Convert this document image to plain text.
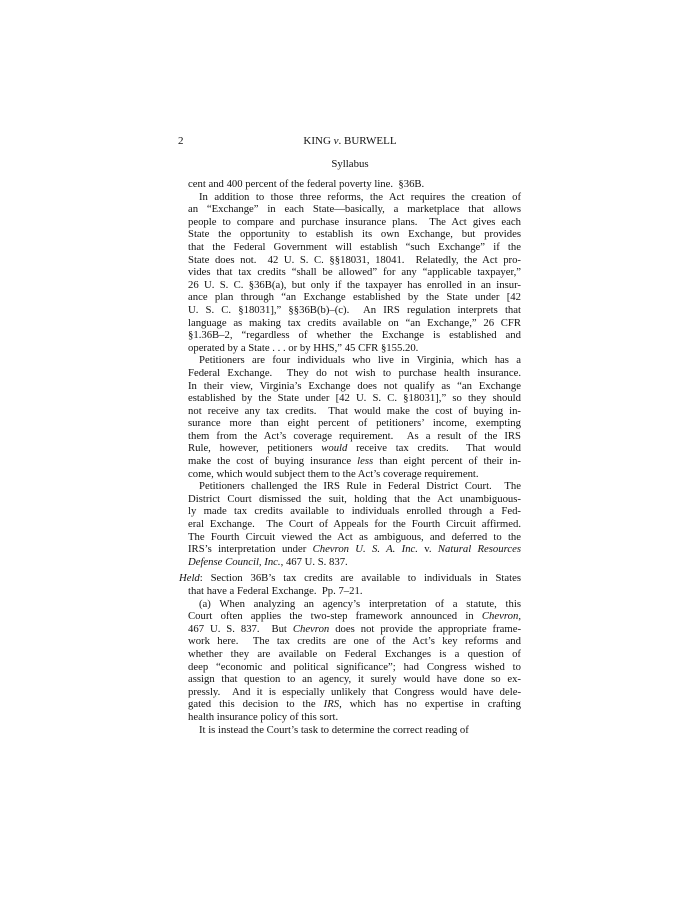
2	KING v. BURWELL
Syllabus
cent and 400 percent of the federal poverty line.  §36B.
In addition to those three reforms, the Act requires the creation of
an “Exchange” in each State—basically, a marketplace that allows
people to compare and purchase insurance plans.  The Act gives each
State the opportunity to establish its own Exchange, but provides
that the Federal Government will establish “such Exchange” if the
State does not.  42 U. S. C. §§18031, 18041.  Relatedly, the Act pro-
vides that tax credits “shall be allowed” for any “applicable taxpayer,”
26 U. S. C. §36B(a), but only if the taxpayer has enrolled in an insur-
ance plan through “an Exchange established by the State under [42
U. S. C. §18031],” §§36B(b)–(c).  An IRS regulation interprets that
language as making tax credits available on “an Exchange,” 26 CFR
§1.36B–2, “regardless of whether the Exchange is established and
operated by a State . . . or by HHS,” 45 CFR §155.20.
Petitioners are four individuals who live in Virginia, which has a
Federal Exchange.  They do not wish to purchase health insurance.
In their view, Virginia’s Exchange does not qualify as “an Exchange
established by the State under [42 U. S. C. §18031],” so they should
not receive any tax credits.  That would make the cost of buying in-
surance more than eight percent of petitioners’ income, exempting
them from the Act’s coverage requirement.  As a result of the IRS
Rule, however, petitioners would receive tax credits.  That would
make the cost of buying insurance less than eight percent of their in-
come, which would subject them to the Act’s coverage requirement.
Petitioners challenged the IRS Rule in Federal District Court.  The
District Court dismissed the suit, holding that the Act unambiguous-
ly made tax credits available to individuals enrolled through a Fed-
eral Exchange.  The Court of Appeals for the Fourth Circuit affirmed.
The Fourth Circuit viewed the Act as ambiguous, and deferred to the
IRS’s interpretation under Chevron U. S. A. Inc. v. Natural Resources
Defense Council, Inc., 467 U. S. 837.
Held: Section 36B’s tax credits are available to individuals in States
that have a Federal Exchange.  Pp. 7–21.
(a) When analyzing an agency’s interpretation of a statute, this
Court often applies the two-step framework announced in Chevron,
467 U. S. 837.  But Chevron does not provide the appropriate frame-
work here.  The tax credits are one of the Act’s key reforms and
whether they are available on Federal Exchanges is a question of
deep “economic and political significance”; had Congress wished to
assign that question to an agency, it surely would have done so ex-
pressly.  And it is especially unlikely that Congress would have dele-
gated this decision to the IRS, which has no expertise in crafting
health insurance policy of this sort.
It is instead the Court’s task to determine the correct reading of
